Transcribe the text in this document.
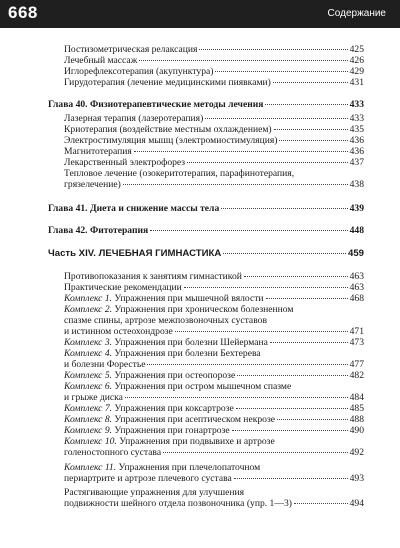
668	Содержание
Постизометрическая релаксация	425
Лечебный массаж	426
Иглорефлексотерапия (акупунктура)	429
Гирудотерапия (лечение медицинскими пиявками)	431
Глава 40. Физиотерапевтические методы лечения	433
Лазерная терапия (лазеротерапия)	433
Криотерапия (воздействие местным охлаждением)	435
Электростимуляция мышц (электромиостимуляция)	436
Магнитотерапия	436
Лекарственный электрофорез	437
Тепловое лечение (озокеритотерапия, парафинотерапия,
грязелечение)	438
Глава 41. Диета и снижение массы тела	439
Глава 42. Фитотерапия	448
Часть XIV. ЛЕЧЕБНАЯ ГИМНАСТИКА	459
Противопоказания к занятиям гимнастикой	463
Практические рекомендации	463
Комплекс 1. Упражнения при мышечной вялости	468
Комплекс 2. Упражнения при хроническом болезненном
спазме спины, артрозе межпозвоночных суставов
и истинном остеохондрозе	471
Комплекс 3. Упражнения при болезни Шейермана	473
Комплекс 4. Упражнения при болезни Бехтерева
и болезни Форестье	477
Комплекс 5. Упражнения при остеопорозе	482
Комплекс 6. Упражнения при остром мышечном спазме
и грыже диска	484
Комплекс 7. Упражнения при коксартрозе	485
Комплекс 8. Упражнения при асептическом некрозе	488
Комплекс 9. Упражнения при гонартрозе	490
Комплекс 10. Упражнения при подвывихе и артрозе
голеностопного сустава	492
Комплекс 11. Упражнения при плечелопаточном
периартрите и артрозе плечевого сустава	493
Растягивающие упражнения для улучшения
подвижности шейного отдела позвоночника (упр. 1—3)	494
